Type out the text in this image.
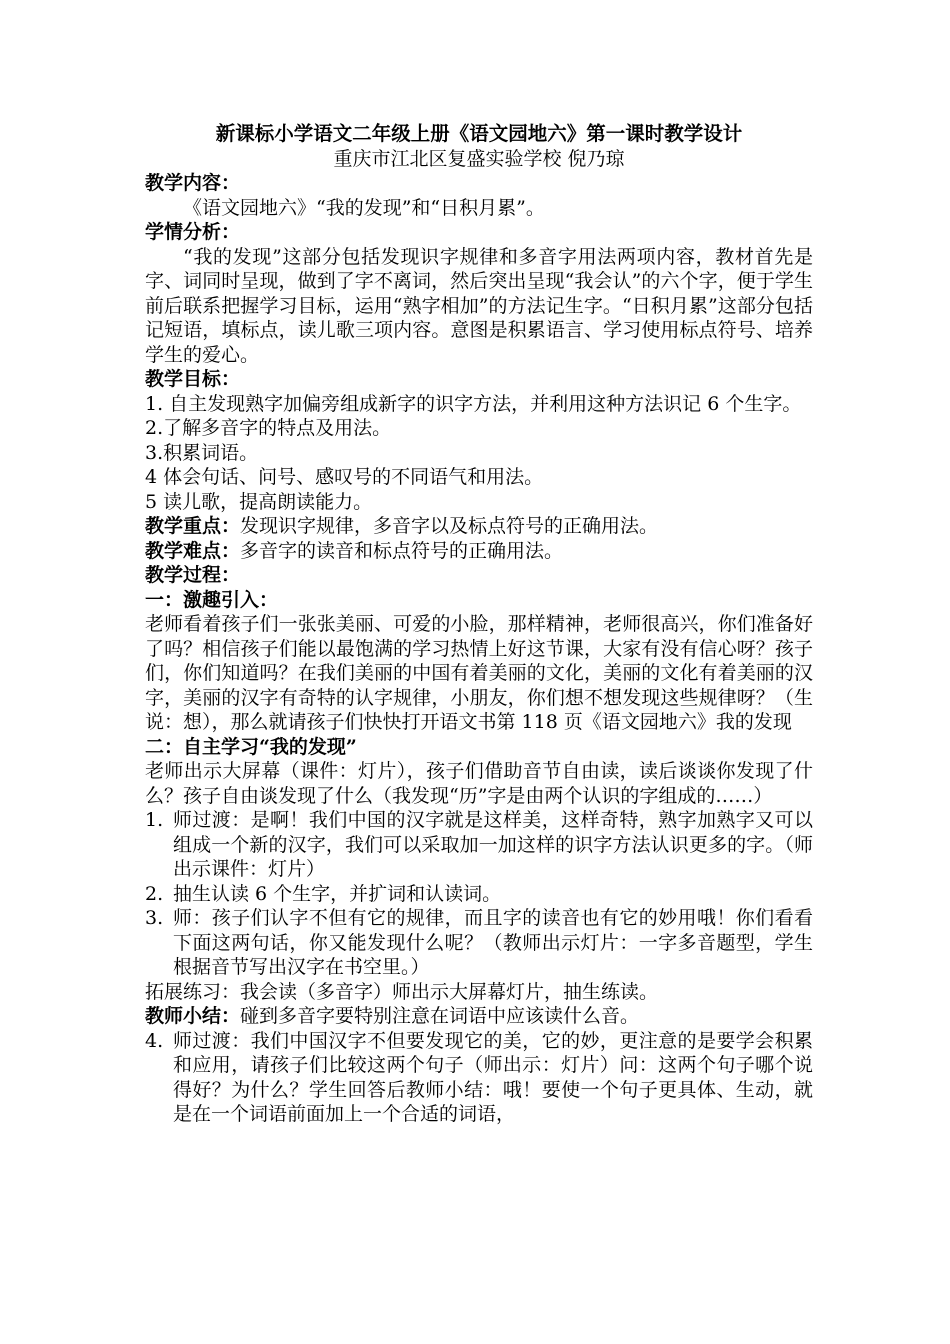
新课标小学语文二年级上册《语文园地六》第一课时教学设计
重庆市江北区复盛实验学校 倪乃琼
教学内容：
《语文园地六》“我的发现”和“日积月累”。
学情分析：
“我的发现”这部分包括发现识字规律和多音字用法两项内容，教材首先是字、词同时呈现，做到了字不离词，然后突出呈现“我会认”的六个字，便于学生前后联系把握学习目标，运用“熟字相加”的方法记生字。“日积月累”这部分包括记短语，填标点，读儿歌三项内容。意图是积累语言、学习使用标点符号、培养学生的爱心。
教学目标：
1. 自主发现熟字加偏旁组成新字的识字方法，并利用这种方法识记 6 个生字。
2.了解多音字的特点及用法。
3.积累词语。
4 体会句话、问号、感叹号的不同语气和用法。
5 读儿歌，提高朗读能力。
教学重点：发现识字规律，多音字以及标点符号的正确用法。
教学难点：多音字的读音和标点符号的正确用法。
教学过程：
一：激趣引入：
老师看着孩子们一张张美丽、可爱的小脸，那样精神，老师很高兴，你们准备好了吗？相信孩子们能以最饱满的学习热情上好这节课，大家有没有信心呀？孩子们，你们知道吗？在我们美丽的中国有着美丽的文化，美丽的文化有着美丽的汉字，美丽的汉字有奇特的认字规律，小朋友，你们想不想发现这些规律呀？（生说：想），那么就请孩子们快快打开语文书第 118 页《语文园地六》我的发现
二：自主学习“我的发现”
老师出示大屏幕（课件：灯片），孩子们借助音节自由读，读后谈谈你发现了什么？孩子自由谈发现了什么（我发现“历”字是由两个认识的字组成的……）
1. 师过渡：是啊！我们中国的汉字就是这样美，这样奇特，熟字加熟字又可以组成一个新的汉字，我们可以采取加一加这样的识字方法认识更多的字。（师出示课件：灯片）
2. 抽生认读 6 个生字，并扩词和认读词。
3. 师：孩子们认字不但有它的规律，而且字的读音也有它的妙用哦！你们看看下面这两句话，你又能发现什么呢？（教师出示灯片：一字多音题型，学生根据音节写出汉字在书空里。）
拓展练习：我会读（多音字）师出示大屏幕灯片，抽生练读。
教师小结：碰到多音字要特别注意在词语中应该读什么音。
4. 师过渡：我们中国汉字不但要发现它的美，它的妙，更注意的是要学会积累和应用，请孩子们比较这两个句子（师出示：灯片）问：这两个句子哪个说得好？为什么？学生回答后教师小结：哦！要使一个句子更具体、生动，就是在一个词语前面加上一个合适的词语，
